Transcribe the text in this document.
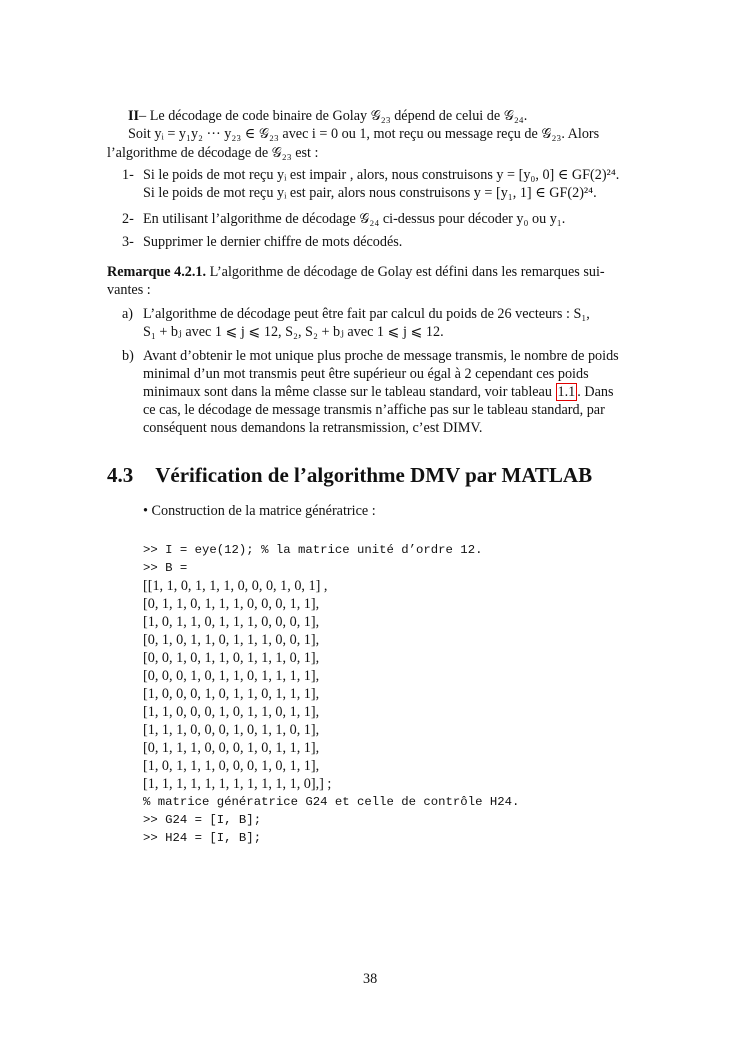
II– Le décodage de code binaire de Golay 𝒢₂₃ dépend de celui de 𝒢₂₄.
Soit yᵢ = y₁y₂ ··· y₂₃ ∈ 𝒢₂₃ avec i = 0 ou 1, mot reçu ou message reçu de 𝒢₂₃. Alors
l’algorithme de décodage de 𝒢₂₃ est :
1- Si le poids de mot reçu yᵢ est impair , alors, nous construisons y = [y₀, 0] ∈ GF(2)²⁴.
Si le poids de mot reçu yᵢ est pair, alors nous construisons y = [y₁, 1] ∈ GF(2)²⁴.
2- En utilisant l’algorithme de décodage 𝒢₂₄ ci-dessus pour décoder y₀ ou y₁.
3- Supprimer le dernier chiffre de mots décodés.
Remarque 4.2.1. L’algorithme de décodage de Golay est défini dans les remarques sui-
vantes :
a) L’algorithme de décodage peut être fait par calcul du poids de 26 vecteurs : S₁,
S₁ + bⱼ avec 1 ⩽ j ⩽ 12, S₂, S₂ + bⱼ avec 1 ⩽ j ⩽ 12.
b) Avant d’obtenir le mot unique plus proche de message transmis, le nombre de poids
minimal d’un mot transmis peut être supérieur ou égal à 2 cependant ces poids
minimaux sont dans la même classe sur le tableau standard, voir tableau 1.1 . Dans
ce cas, le décodage de message transmis n’affiche pas sur le tableau standard, par
conséquent nous demandons la retransmission, c’est DIMV.
4.3 Vérification de l’algorithme DMV par MATLAB
• Construction de la matrice génératrice :
>> I = eye(12); % la matrice unité d’ordre 12.
>> B =
[[1, 1, 0, 1, 1, 1, 0, 0, 0, 1, 0, 1] ,
[0, 1, 1, 0, 1, 1, 1, 0, 0, 0, 1, 1],
[1, 0, 1, 1, 0, 1, 1, 1, 0, 0, 0, 1],
[0, 1, 0, 1, 1, 0, 1, 1, 1, 0, 0, 1],
[0, 0, 1, 0, 1, 1, 0, 1, 1, 1, 0, 1],
[0, 0, 0, 1, 0, 1, 1, 0, 1, 1, 1, 1],
[1, 0, 0, 0, 1, 0, 1, 1, 0, 1, 1, 1],
[1, 1, 0, 0, 0, 1, 0, 1, 1, 0, 1, 1],
[1, 1, 1, 0, 0, 0, 1, 0, 1, 1, 0, 1],
[0, 1, 1, 1, 0, 0, 0, 1, 0, 1, 1, 1],
[1, 0, 1, 1, 1, 0, 0, 0, 1, 0, 1, 1],
[1, 1, 1, 1, 1, 1, 1, 1, 1, 1, 1, 0],] ;
% matrice génératrice G24 et celle de contrôle H24.
>> G24 = [I, B];
>> H24 = [I, B];
38
